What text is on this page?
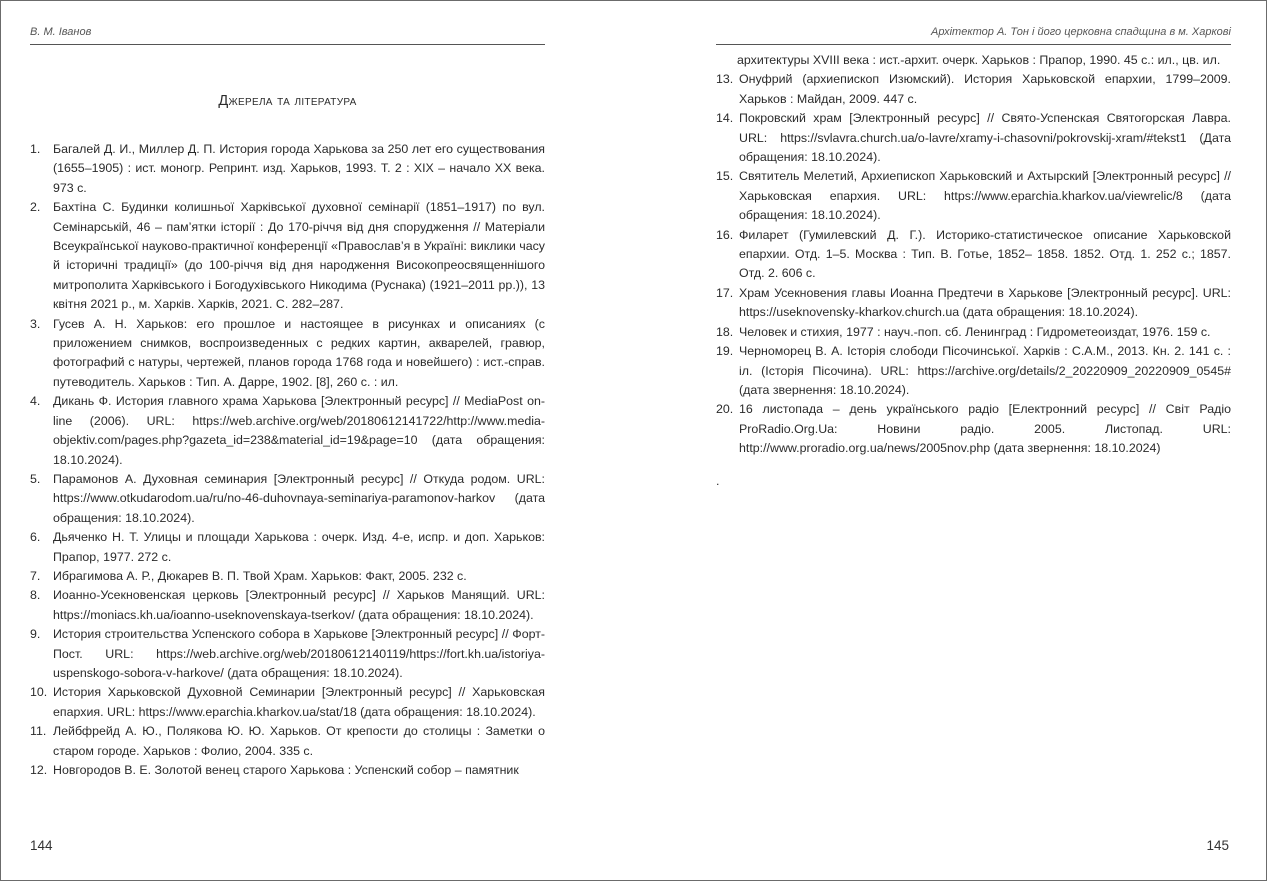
В. М. Іванов
Джерела та література
1.	Багалей Д. И., Миллер Д. П. История города Харькова за 250 лет его существования (1655–1905) : ист. моногр. Репринт. изд. Харьков, 1993. Т. 2 : XIX – начало XX века. 973 с.
2.	Бахтіна С. Будинки колишньої Харківської духовної семінарії (1851–1917) по вул. Семінарській, 46 – пам’ятки історії : До 170-річчя від дня спорудження // Матеріали Всеукраїнської науково-практичної конференції «Православ’я в Україні: виклики часу й історичні традиції» (до 100-річчя від дня народження Високопреосвященнішого митрополита Харківського і Богодухівського Никодима (Руснака) (1921–2011 рр.)), 13 квітня 2021 р., м. Харків. Харків, 2021. С. 282–287.
3.	Гусев А. Н. Харьков: его прошлое и настоящее в рисунках и описаниях (с приложением снимков, воспроизведенных с редких картин, акварелей, гравюр, фотографий с натуры, чертежей, планов города 1768 года и новейшего) : ист.-справ. путеводитель. Харьков : Тип. А. Дарре, 1902. [8], 260 с. : ил.
4.	Дикань Ф. История главного храма Харькова [Электронный ресурс] // MediaPost on-line (2006). URL: https://web.archive.org/web/20180612141722/http://www.media-objektiv.com/pages.php?gazeta_id=238&material_id=19&page=10 (дата обращения: 18.10.2024).
5.	Парамонов А. Духовная семинария [Электронный ресурс] // Откуда родом. URL: https://www.otkudarodom.ua/ru/no-46-duhovnaya-seminariya-paramonov-harkov (дата обращения: 18.10.2024).
6.	Дьяченко Н. Т. Улицы и площади Харькова : очерк. Изд. 4-е, испр. и доп. Харьков: Прапор, 1977. 272 с.
7.	Ибрагимова А. Р., Дюкарев В. П. Твой Храм. Харьков: Факт, 2005. 232 с.
8.	Иоанно-Усекновенская церковь [Электронный ресурс] // Харьков Манящий. URL: https://moniacs.kh.ua/ioanno-useknovenskaya-tserkov/ (дата обращения: 18.10.2024).
9.	История строительства Успенского собора в Харькове [Электронный ресурс] // Форт-Пост. URL: https://web.archive.org/web/20180612140119/https://fort.kh.ua/istoriya-uspenskogo-sobora-v-harkove/ (дата обращения: 18.10.2024).
10. История Харьковской Духовной Семинарии [Электронный ресурс] // Харьковская епархия. URL: https://www.eparchia.kharkov.ua/stat/18 (дата обращения: 18.10.2024).
11. Лейбфрейд А. Ю., Полякова Ю. Ю. Харьков. От крепости до столицы : Заметки о старом городе. Харьков : Фолио, 2004. 335 с.
12. Новгородов В. Е. Золотой венец старого Харькова : Успенский собор – памятник
144
Архітектор А. Тон і його церковна спадщина в м. Харкові
архитектуры XVIII века : ист.-архит. очерк. Харьков : Прапор, 1990. 45 с.: ил., цв. ил.
13. Онуфрий (архиепископ Изюмский). История Харьковской епархии, 1799–2009. Харьков : Майдан, 2009. 447 с.
14. Покровский храм [Электронный ресурс] // Свято-Успенская Святогорская Лавра. URL: https://svlavra.church.ua/o-lavre/xramy-i-chasovni/pokrovskij-xram/#tekst1 (Дата обращения: 18.10.2024).
15. Святитель Мелетий, Архиепископ Харьковский и Ахтырский [Электронный ресурс] // Харьковская епархия. URL: https://www.eparchia.kharkov.ua/viewrelic/8 (дата обращения: 18.10.2024).
16. Филарет (Гумилевский Д. Г.). Историко-статистическое описание Харьковской епархии. Отд. 1–5. Москва : Тип. В. Готье, 1852– 1858. 1852. Отд. 1. 252 с.; 1857. Отд. 2. 606 с.
17. Храм Усекновения главы Иоанна Предтечи в Харькове [Электронный ресурс]. URL: https://useknovensky-kharkov.church.ua (дата обращения: 18.10.2024).
18. Человек и стихия, 1977 : науч.-поп. сб. Ленинград : Гидрометеоиздат, 1976. 159 с.
19. Черноморец В. А. Історія слободи Пісочинської. Харків : С.А.М., 2013. Кн. 2. 141 с. : іл. (Історія Пісочина). URL: https://archive.org/details/2_20220909_20220909_0545# (дата звернення: 18.10.2024).
20. 16 листопада – день українського радіо [Електронний ресурс] // Світ Радіо ProRadio.Org.Ua: Новини радіо. 2005. Листопад. URL: http://www.proradio.org.ua/news/2005nov.php (дата звернення: 18.10.2024)
.
145
